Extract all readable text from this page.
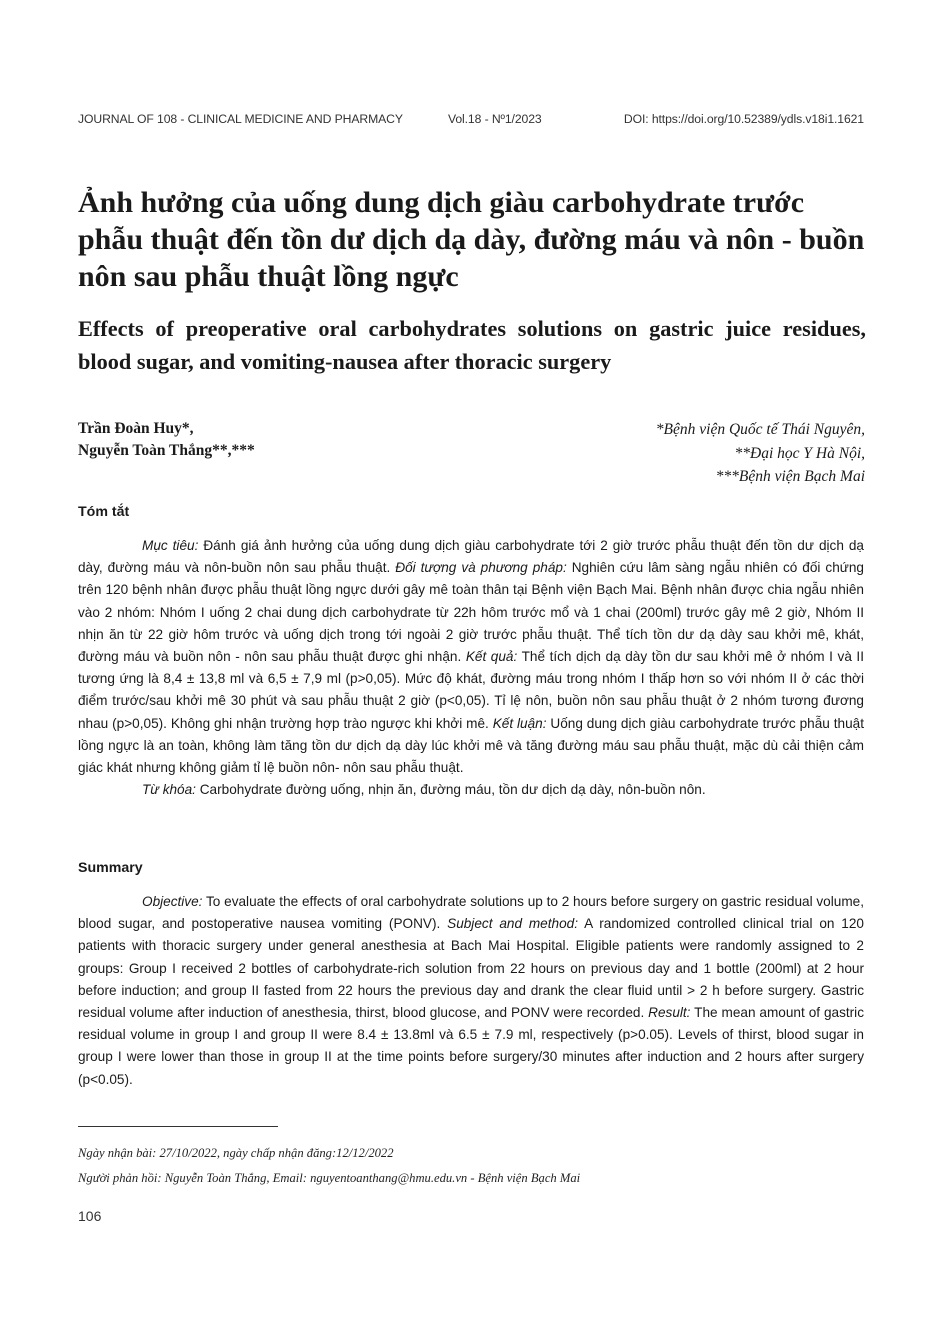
JOURNAL OF 108 - CLINICAL MEDICINE AND PHARMACY	Vol.18 - Nº1/2023	DOI: https://doi.org/10.52389/ydls.v18i1.1621
Ảnh hưởng của uống dung dịch giàu carbohydrate trước phẫu thuật đến tồn dư dịch dạ dày, đường máu và nôn - buồn nôn sau phẫu thuật lồng ngực
Effects of preoperative oral carbohydrates solutions on gastric juice residues, blood sugar, and vomiting-nausea after thoracic surgery
Trần Đoàn Huy*,
Nguyễn Toàn Thắng**,***
*Bệnh viện Quốc tế Thái Nguyên,
**Đại học Y Hà Nội,
***Bệnh viện Bạch Mai
Tóm tắt

Mục tiêu: Đánh giá ảnh hưởng của uống dung dịch giàu carbohydrate tới 2 giờ trước phẫu thuật đến tồn dư dịch dạ dày, đường máu và nôn-buồn nôn sau phẫu thuật. Đối tượng và phương pháp: Nghiên cứu lâm sàng ngẫu nhiên có đối chứng trên 120 bệnh nhân được phẫu thuật lồng ngực dưới gây mê toàn thân tại Bệnh viện Bạch Mai. Bệnh nhân được chia ngẫu nhiên vào 2 nhóm: Nhóm I uống 2 chai dung dịch carbohydrate từ 22h hôm trước mổ và 1 chai (200ml) trước gây mê 2 giờ, Nhóm II nhịn ăn từ 22 giờ hôm trước và uống dịch trong tới ngoài 2 giờ trước phẫu thuật. Thể tích tồn dư dạ dày sau khởi mê, khát, đường máu và buồn nôn - nôn sau phẫu thuật được ghi nhận. Kết quả: Thể tích dịch dạ dày tồn dư sau khởi mê ở nhóm I và II tương ứng là 8,4 ± 13,8 ml và 6,5 ± 7,9 ml (p>0,05). Mức độ khát, đường máu trong nhóm I thấp hơn so với nhóm II ở các thời điểm trước/sau khởi mê 30 phút và sau phẫu thuật 2 giờ (p<0,05). Tỉ lệ nôn, buồn nôn sau phẫu thuật ở 2 nhóm tương đương nhau (p>0,05). Không ghi nhận trường hợp trào ngược khi khởi mê. Kết luận: Uống dung dịch giàu carbohydrate trước phẫu thuật lồng ngực là an toàn, không làm tăng tồn dư dịch dạ dày lúc khởi mê và tăng đường máu sau phẫu thuật, mặc dù cải thiện cảm giác khát nhưng không giảm tỉ lệ buồn nôn- nôn sau phẫu thuật.

Từ khóa: Carbohydrate đường uống, nhịn ăn, đường máu, tồn dư dịch dạ dày, nôn-buồn nôn.

Summary

Objective: To evaluate the effects of oral carbohydrate solutions up to 2 hours before surgery on gastric residual volume, blood sugar, and postoperative nausea vomiting (PONV). Subject and method: A randomized controlled clinical trial on 120 patients with thoracic surgery under general anesthesia at Bach Mai Hospital. Eligible patients were randomly assigned to 2 groups: Group I received 2 bottles of carbohydrate-rich solution from 22 hours on previous day and 1 bottle (200ml) at 2 hour before induction; and group II fasted from 22 hours the previous day and drank the clear fluid until > 2 h before surgery. Gastric residual volume after induction of anesthesia, thirst, blood glucose, and PONV were recorded. Result: The mean amount of gastric residual volume in group I and group II were 8.4 ± 13.8ml và 6.5 ± 7.9 ml, respectively (p>0.05). Levels of thirst, blood sugar in group I were lower than those in group II at the time points before surgery/30 minutes after induction and 2 hours after surgery (p<0.05).

Ngày nhận bài: 27/10/2022, ngày chấp nhận đăng:12/12/2022
Người phản hồi: Nguyễn Toàn Thắng, Email: nguyentoanthang@hmu.edu.vn - Bệnh viện Bạch Mai
106
